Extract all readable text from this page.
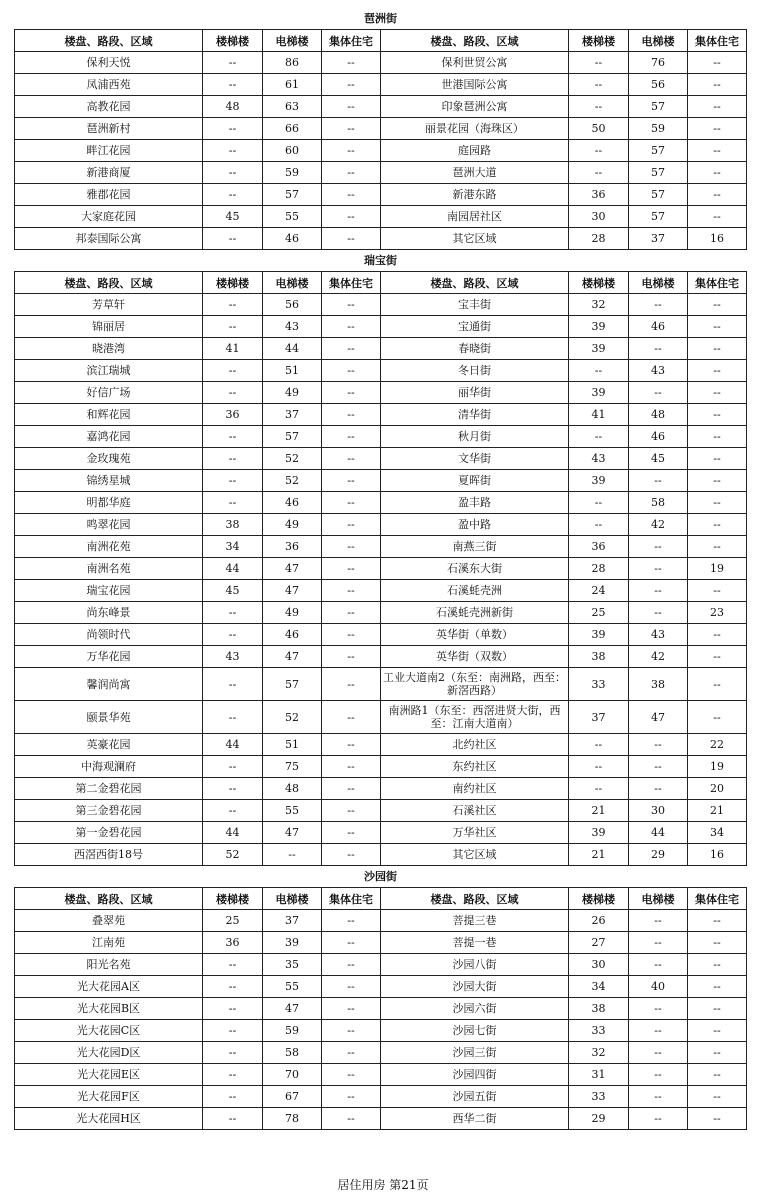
琶洲街
楼盘、路段、区域	楼梯楼	电梯楼	集体住宅	楼盘、路段、区域	楼梯楼	电梯楼	集体住宅
保利天悦	--	86	--	保利世贸公寓	--	76	--
凤浦西苑	--	61	--	世港国际公寓	--	56	--
高教花园	48	63	--	印象琶洲公寓	--	57	--
琶洲新村	--	66	--	丽景花园（海珠区）	50	59	--
畔江花园	--	60	--	庭园路	--	57	--
新港商厦	--	59	--	琶洲大道	--	57	--
雅郡花园	--	57	--	新港东路	36	57	--
大家庭花园	45	55	--	南园居社区	30	57	--
邦泰国际公寓	--	46	--	其它区域	28	37	16
瑞宝街
楼盘、路段、区域	楼梯楼	电梯楼	集体住宅	楼盘、路段、区域	楼梯楼	电梯楼	集体住宅
芳草轩	--	56	--	宝丰街	32	--	--
锦丽居	--	43	--	宝通街	39	46	--
晓港湾	41	44	--	春晓街	39	--	--
滨江瑞城	--	51	--	冬日街	--	43	--
好信广场	--	49	--	丽华街	39	--	--
和辉花园	36	37	--	清华街	41	48	--
嘉鸿花园	--	57	--	秋月街	--	46	--
金玫瑰苑	--	52	--	文华街	43	45	--
锦绣星城	--	52	--	夏晖街	39	--	--
明都华庭	--	46	--	盈丰路	--	58	--
鸣翠花园	38	49	--	盈中路	--	42	--
南洲花苑	34	36	--	南燕三街	36	--	--
南洲名苑	44	47	--	石溪东大街	28	--	19
瑞宝花园	45	47	--	石溪蚝壳洲	24	--	--
尚东峰景	--	49	--	石溪蚝壳洲新街	25	--	23
尚领时代	--	46	--	英华街（单数）	39	43	--
万华花园	43	47	--	英华街（双数）	38	42	--
馨润尚寓	--	57	--	工业大道南2（东至：南洲路，西至：新滘西路）	33	38	--
颐景华苑	--	52	--	南洲路1（东至：西滘进贤大街，西至：江南大道南）	37	47	--
英豪花园	44	51	--	北约社区	--	--	22
中海观澜府	--	75	--	东约社区	--	--	19
第二金碧花园	--	48	--	南约社区	--	--	20
第三金碧花园	--	55	--	石溪社区	21	30	21
第一金碧花园	44	47	--	万华社区	39	44	34
西滘西街18号	52	--	--	其它区域	21	29	16
沙园街
楼盘、路段、区域	楼梯楼	电梯楼	集体住宅	楼盘、路段、区域	楼梯楼	电梯楼	集体住宅
叠翠苑	25	37	--	菩提三巷	26	--	--
江南苑	36	39	--	菩提一巷	27	--	--
阳光名苑	--	35	--	沙园八街	30	--	--
光大花园A区	--	55	--	沙园大街	34	40	--
光大花园B区	--	47	--	沙园六街	38	--	--
光大花园C区	--	59	--	沙园七街	33	--	--
光大花园D区	--	58	--	沙园三街	32	--	--
光大花园E区	--	70	--	沙园四街	31	--	--
光大花园F区	--	67	--	沙园五街	33	--	--
光大花园H区	--	78	--	西华二街	29	--	--
居住用房 第21页
